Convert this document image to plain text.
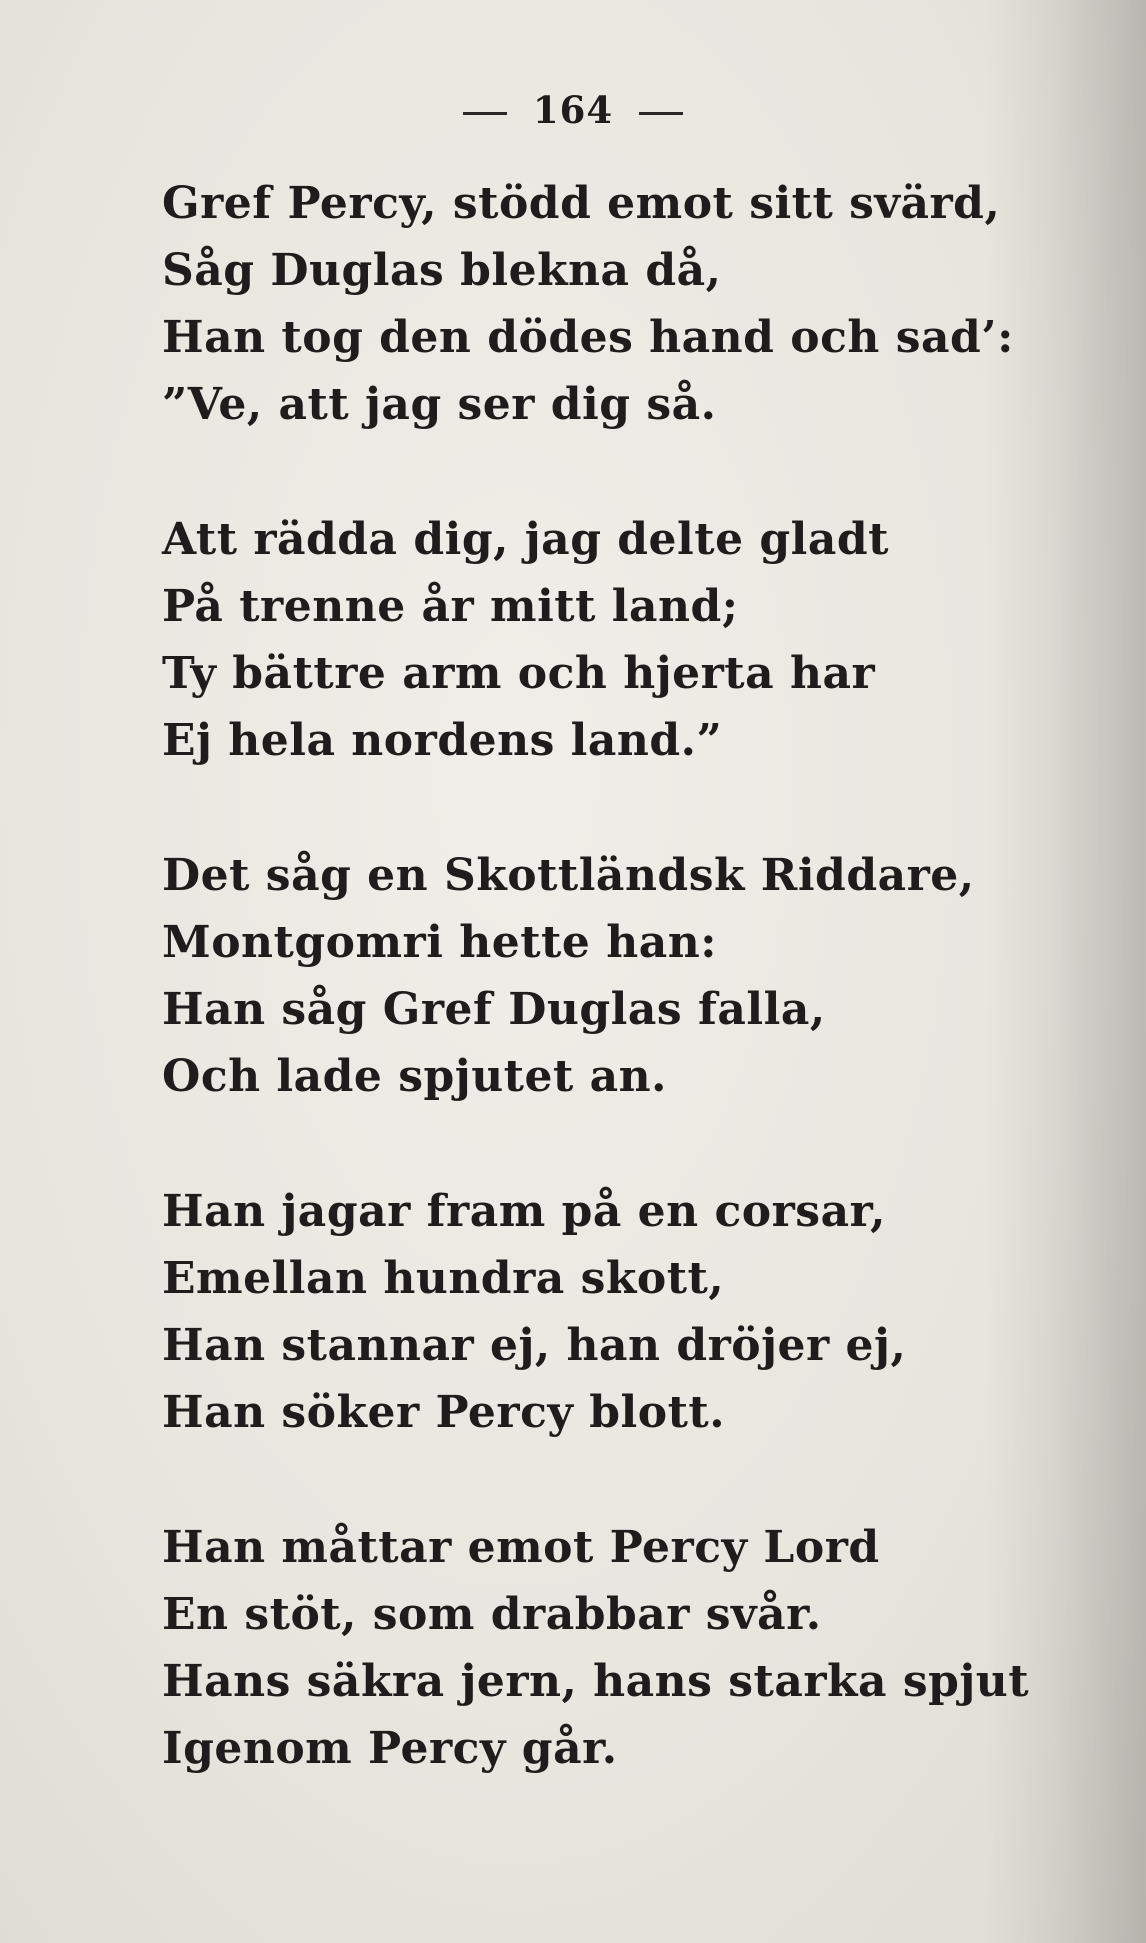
164
Gref Percy, stödd emot sitt svärd,
Såg Duglas blekna då,
Han tog den dödes hand och sad’:
”Ve, att jag ser dig så.
Att rädda dig, jag delte gladt
På trenne år mitt land;
Ty bättre arm och hjerta har
Ej hela nordens land.”
Det såg en Skottländsk Riddare,
Montgomri hette han:
Han såg Gref Duglas falla,
Och lade spjutet an.
Han jagar fram på en corsar,
Emellan hundra skott,
Han stannar ej, han dröjer ej,
Han söker Percy blott.
Han måttar emot Percy Lord
En stöt, som drabbar svår.
Hans säkra jern, hans starka spjut
Igenom Percy går.
